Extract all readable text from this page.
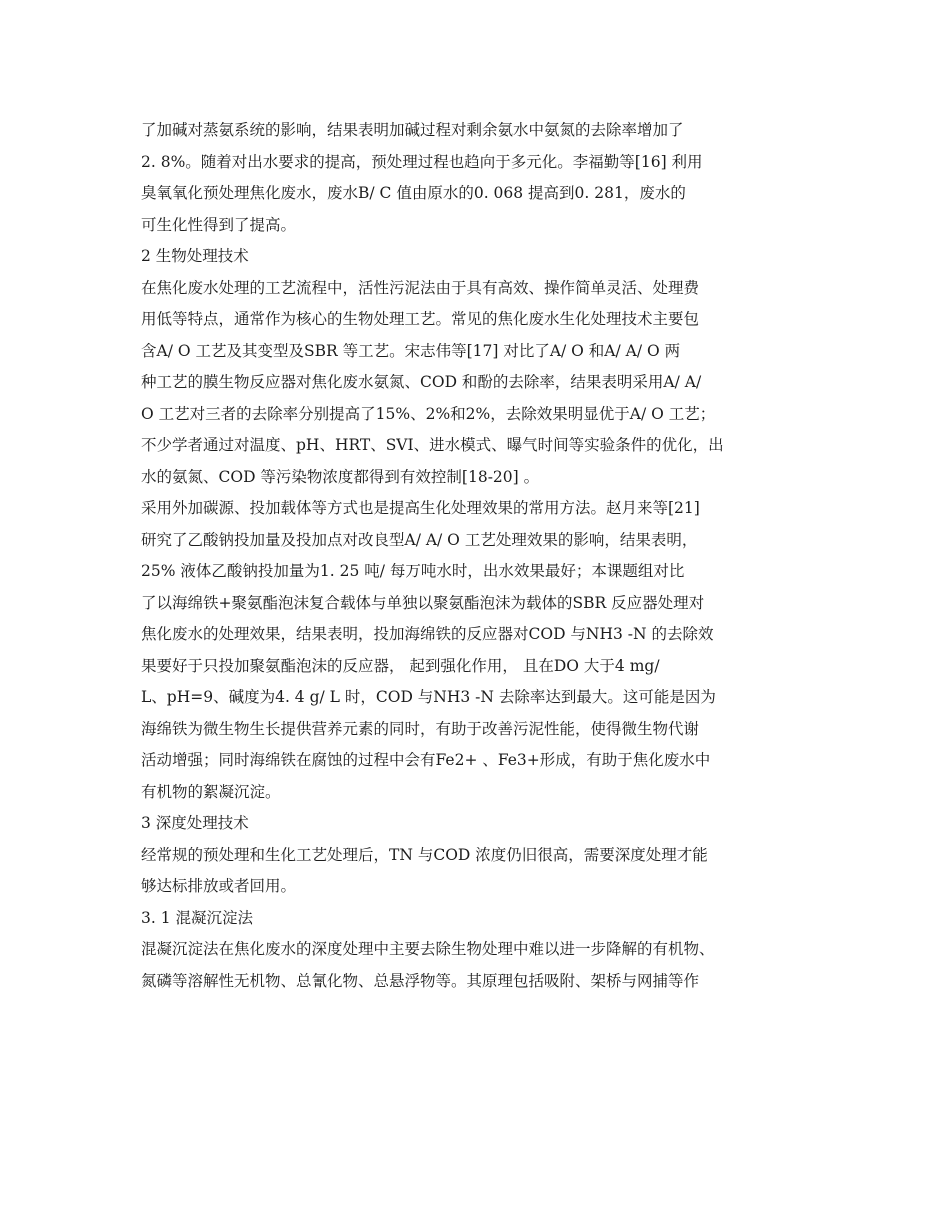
了加碱对蒸氨系统的影响，结果表明加碱过程对剩余氨水中氨氮的去除率增加了
2. 8%。随着对出水要求的提高，预处理过程也趋向于多元化。李福勤等[16] 利用
臭氧氧化预处理焦化废水，废水B/ C 值由原水的0. 068 提高到0. 281，废水的
可生化性得到了提高。
2 生物处理技术
在焦化废水处理的工艺流程中，活性污泥法由于具有高效、操作简单灵活、处理费
用低等特点，通常作为核心的生物处理工艺。常见的焦化废水生化处理技术主要包
含A/ O 工艺及其变型及SBR 等工艺。宋志伟等[17] 对比了A/ O 和A/ A/ O 两
种工艺的膜生物反应器对焦化废水氨氮、COD 和酚的去除率，结果表明采用A/ A/
O 工艺对三者的去除率分别提高了15%、2%和2%，去除效果明显优于A/ O 工艺；
不少学者通过对温度、pH、HRT、SVI、进水模式、曝气时间等实验条件的优化，出
水的氨氮、COD 等污染物浓度都得到有效控制[18-20] 。
采用外加碳源、投加载体等方式也是提高生化处理效果的常用方法。赵月来等[21]
研究了乙酸钠投加量及投加点对改良型A/ A/ O 工艺处理效果的影响，结果表明，
25% 液体乙酸钠投加量为1. 25 吨/ 每万吨水时，出水效果最好；本课题组对比
了以海绵铁+聚氨酯泡沫复合载体与单独以聚氨酯泡沫为载体的SBR 反应器处理对
焦化废水的处理效果，结果表明，投加海绵铁的反应器对COD 与NH3 -N 的去除效
果要好于只投加聚氨酯泡沫的反应器， 起到强化作用， 且在DO 大于4 mg/
L、pH=9、碱度为4. 4 g/ L 时，COD 与NH3 -N 去除率达到最大。这可能是因为
海绵铁为微生物生长提供营养元素的同时，有助于改善污泥性能，使得微生物代谢
活动增强；同时海绵铁在腐蚀的过程中会有Fe2+ 、Fe3+形成，有助于焦化废水中
有机物的絮凝沉淀。
3 深度处理技术
经常规的预处理和生化工艺处理后，TN 与COD 浓度仍旧很高，需要深度处理才能
够达标排放或者回用。
3. 1 混凝沉淀法
混凝沉淀法在焦化废水的深度处理中主要去除生物处理中难以进一步降解的有机物、
氮磷等溶解性无机物、总氰化物、总悬浮物等。其原理包括吸附、架桥与网捕等作
